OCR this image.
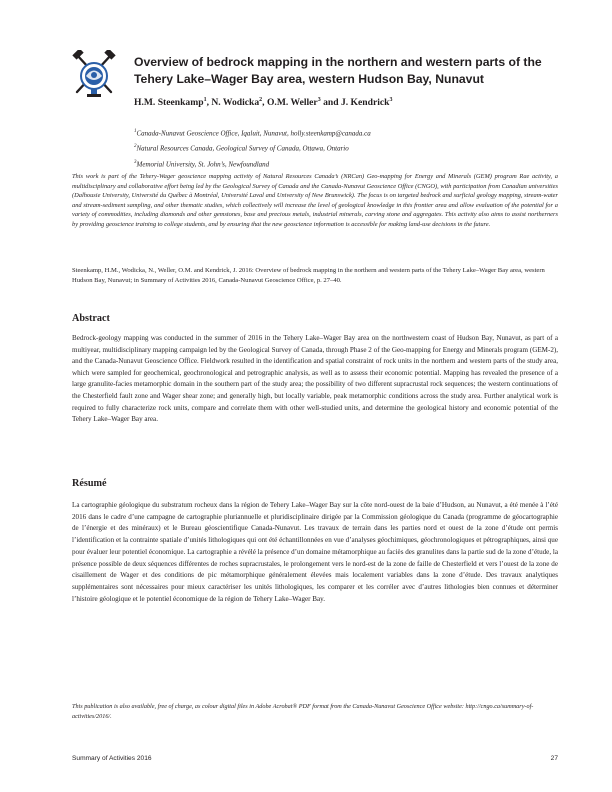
Overview of bedrock mapping in the northern and western parts of the Tehery Lake–Wager Bay area, western Hudson Bay, Nunavut
H.M. Steenkamp$^1$, N. Wodicka$^2$, O.M. Weller$^3$ and J. Kendrick$^3$
$^1$Canada-Nunavut Geoscience Office, Iqaluit, Nunavut, holly.steenkamp@canada.ca
$^2$Natural Resources Canada, Geological Survey of Canada, Ottawa, Ontario
$^3$Memorial University, St. John’s, Newfoundland
This work is part of the Tehery-Wager geoscience mapping activity of Natural Resources Canada’s (NRCan) Geo-mapping for Energy and Minerals (GEM) program Rae activity, a multidisciplinary and collaborative effort being led by the Geological Survey of Canada and the Canada-Nunavut Geoscience Office (CNGO), with participation from Canadian universities (Dalhousie University, Université du Québec à Montréal, Université Laval and University of New Brunswick). The focus is on targeted bedrock and surficial geology mapping, stream-water and stream-sediment sampling, and other thematic studies, which collectively will increase the level of geological knowledge in this frontier area and allow evaluation of the potential for a variety of commodities, including diamonds and other gemstones, base and precious metals, industrial minerals, carving stone and aggregates. This activity also aims to assist northerners by providing geoscience training to college students, and by ensuring that the new geoscience information is accessible for making land-use decisions in the future.
Steenkamp, H.M., Wodicka, N., Weller, O.M. and Kendrick, J. 2016: Overview of bedrock mapping in the northern and western parts of the Tehery Lake–Wager Bay area, western Hudson Bay, Nunavut; in Summary of Activities 2016, Canada-Nunavut Geoscience Office, p. 27–40.
Abstract
Bedrock-geology mapping was conducted in the summer of 2016 in the Tehery Lake–Wager Bay area on the northwestern coast of Hudson Bay, Nunavut, as part of a multiyear, multidisciplinary mapping campaign led by the Geological Survey of Canada, through Phase 2 of the Geo-mapping for Energy and Minerals program (GEM-2), and the Canada-Nunavut Geoscience Office. Fieldwork resulted in the identification and spatial constraint of rock units in the northern and western parts of the study area, which were sampled for geochemical, geochronological and petrographic analysis, as well as to assess their economic potential. Mapping has revealed the presence of a large granulite-facies metamorphic domain in the southern part of the study area; the possibility of two different supracrustal rock sequences; the western continuations of the Chesterfield fault zone and Wager shear zone; and generally high, but locally variable, peak metamorphic conditions across the study area. Further analytical work is required to fully characterize rock units, compare and correlate them with other well-studied units, and determine the geological history and economic potential of the Tehery Lake–Wager Bay area.
Résumé
La cartographie géologique du substratum rocheux dans la région de Tehery Lake–Wager Bay sur la côte nord-ouest de la baie d’Hudson, au Nunavut, a été menée à l’été 2016 dans le cadre d’une campagne de cartographie pluriannuelle et pluridisciplinaire dirigée par la Commission géologique du Canada (programme de géocartographie de l’énergie et des minéraux) et le Bureau géoscientifique Canada-Nunavut. Les travaux de terrain dans les parties nord et ouest de la zone d’étude ont permis l’identification et la contrainte spatiale d’unités lithologiques qui ont été échantillonnées en vue d’analyses géochimiques, géochronologiques et pétrographiques, ainsi que pour évaluer leur potentiel économique. La cartographie a révélé la présence d’un domaine métamorphique au faciès des granulites dans la partie sud de la zone d’étude, la présence possible de deux séquences différentes de roches supracrustales, le prolongement vers le nord-est de la zone de faille de Chesterfield et vers l’ouest de la zone de cisaillement de Wager et des conditions de pic métamorphique généralement élevées mais localement variables dans la zone d’étude. Des travaux analytiques supplémentaires sont nécessaires pour mieux caractériser les unités lithologiques, les comparer et les corréler avec d’autres lithologies bien connues et déterminer l’histoire géologique et le potentiel économique de la région de Tehery Lake–Wager Bay.
This publication is also available, free of charge, as colour digital files in Adobe Acrobat® PDF format from the Canada-Nunavut Geoscience Office website: http://cngo.ca/summary-of-activities/2016/.
Summary of Activities 2016	27
